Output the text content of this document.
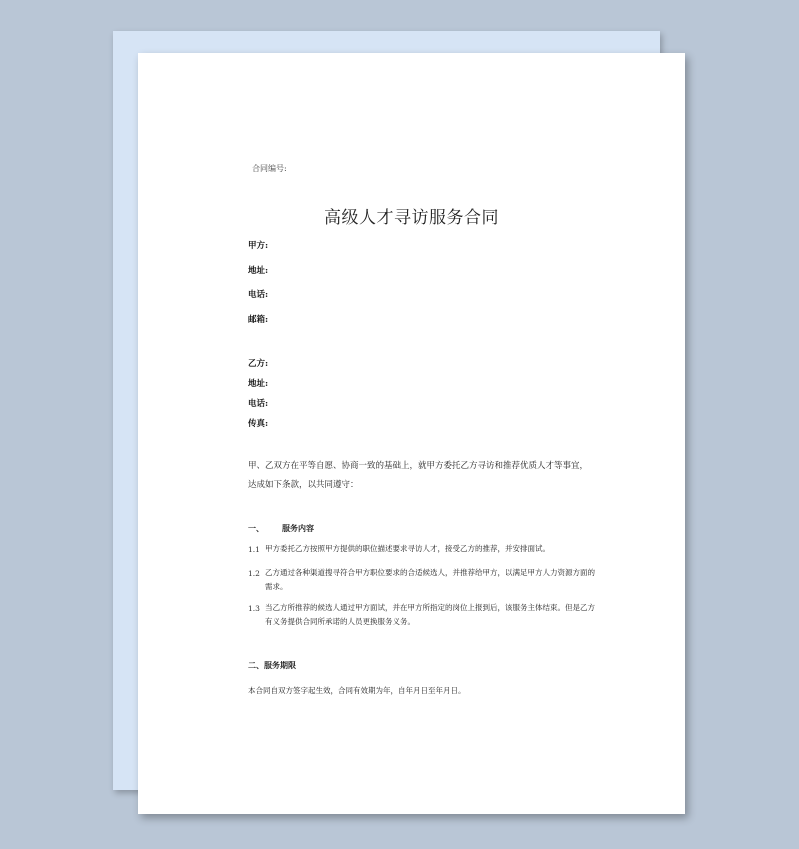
合同编号:
高级人才寻访服务合同
甲方:
地址:
电话:
邮箱:
乙方:
地址:
电话:
传真:
甲、乙双方在平等自愿、协商一致的基础上，就甲方委托乙方寻访和推荐优质人才等事宜，
达成如下条款，以共同遵守：
一、 服务内容
1.1 甲方委托乙方按照甲方提供的职位描述要求寻访人才，接受乙方的推荐，并安排面试。
1.2 乙方通过各种渠道搜寻符合甲方职位要求的合适候选人，并推荐给甲方，以满足甲方人力资源方面的
需求。
1.3 当乙方所推荐的候选人通过甲方面试，并在甲方所指定的岗位上报到后，该服务主体结束。但是乙方
有义务提供合同所承诺的人员更换服务义务。
二、服务期限
本合同自双方签字起生效，合同有效期为年，自年月日至年月日。
